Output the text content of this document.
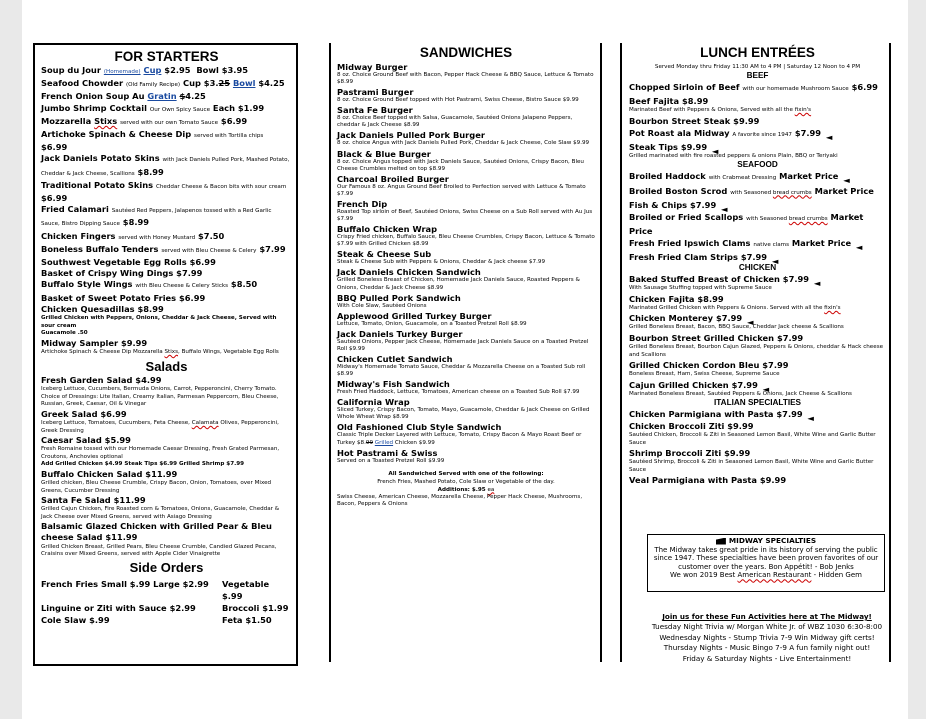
FOR STARTERS
Soup du Jour (Homemade) Cup $2.95  Bowl $3.95
Seafood Chowder (Old Family Recipe) Cup $3.25 Bowl $4.25
French Onion Soup Au Gratin $4.25
Jumbo Shrimp Cocktail Our Own Spicy Sauce Each $1.99
Mozzarella Stixs served with our own Tomato Sauce $6.99
Artichoke Spinach & Cheese Dip served with Tortilla chips $6.99
Jack Daniels Potato Skins with Jack Daniels Pulled Pork, Mashed Potato, Cheddar & Jack Cheese, Scallions $8.99
Traditional Potato Skins Cheddar Cheese & Bacon bits with sour cream $6.99
Fried Calamari Sautéed Red Peppers, Jalapenos tossed with a Red Garlic Sauce, Bistro Dipping Sauce $8.99
Chicken Fingers served with Honey Mustard $7.50
Boneless Buffalo Tenders served with Bleu Cheese & Celery $7.99
Southwest Vegetable Egg Rolls $6.99
Basket of Crispy Wing Dings $7.99
Buffalo Style Wings with Bleu Cheese & Celery Sticks $8.50
Basket of Sweet Potato Fries $6.99
Chicken Quesadillas $8.99
Grilled Chicken with Peppers, Onions, Cheddar & Jack Cheese, Served with sour cream
Guacamole .50
Midway Sampler $9.99
Artichoke Spinach & Cheese Dip Mozzarella Stixs, Buffalo Wings, Vegetable Egg Rolls
Salads
Fresh Garden Salad $4.99
Iceberg Lettuce, Cucumbers, Bermuda Onions, Carrot, Pepperoncini, Cherry Tomato. Choice of Dressings: Lite Italian, Creamy Italian, Parmesan Peppercorn, Bleu Cheese, Russian, Greek, Caesar, Oil & Vinegar
Greek Salad $6.99
Iceberg Lettuce, Tomatoes, Cucumbers, Feta Cheese, Calamata Olives, Pepperoncini, Greek Dressing
Caesar Salad $5.99
Fresh Romaine tossed with our Homemade Caesar Dressing, Fresh Grated Parmesan, Croutons, Anchovies optional
Add Grilled Chicken $4.99 Steak Tips $6.99 Grilled Shrimp $7.99
Buffalo Chicken Salad $11.99
Grilled chicken, Bleu Cheese Crumble, Crispy Bacon, Onion, Tomatoes, over Mixed Greens, Cucumber Dressing
Santa Fe Salad $11.99
Grilled Cajun Chicken, Fire Roasted corn & Tomatoes, Onions, Guacamole, Cheddar & Jack Cheese over Mixed Greens, served with Asiago Dressing
Balsamic Glazed Chicken with Grilled Pear & Bleu cheese Salad $11.99
Grilled Chicken Breast, Grilled Pears, Bleu Cheese Crumble, Candied Glazed Pecans, Craisins over Mixed Greens, served with Apple Cider Vinaigrette
Side Orders
French Fries Small $.99 Large $2.99	Vegetable $.99
Linguine or Ziti with Sauce $2.99	Broccoli $1.99
Cole Slaw $.99	Feta $1.50
SANDWICHES
Midway Burger
8 oz. Choice Ground Beef with Bacon, Pepper Hack Cheese & BBQ Sauce, Lettuce & Tomato $8.99
Pastrami Burger
8 oz. Choice Ground Beef topped with Hot Pastrami, Swiss Cheese, Bistro Sauce $9.99
Santa Fe Burger
8 oz. Choice Beef topped with Salsa, Guacamole, Sautéed Onions Jalapeno Peppers, cheddar & Jack Cheese $8.99
Jack Daniels Pulled Pork Burger
8 oz. choice Angus with Jack Daniels Pulled Pork, Cheddar & Jack Cheese, Cole Slaw $9.99
Black & Blue Burger
8 oz. Choice Angus topped with Jack Daniels Sauce, Sautéed Onions, Crispy Bacon, Bleu Cheese Crumbles melted on top $8.99
Charcoal Broiled Burger
Our Famous 8 oz. Angus Ground Beef Broiled to Perfection served with Lettuce & Tomato $7.99
French Dip
Roasted Top sirloin of Beef, Sautéed Onions, Swiss Cheese on a Sub Roll served with Au Jus $7.99
Buffalo Chicken Wrap
Crispy Fried chicken, Buffalo Sauce, Bleu Cheese Crumbles, Crispy Bacon, Lettuce & Tomato $7.99 with Grilled Chicken $8.99
Steak & Cheese Sub
Steak & Cheese Sub with Peppers & Onions, Cheddar & Jack cheese $7.99
Jack Daniels Chicken Sandwich
Grilled Boneless Breast of Chicken, Homemade Jack Daniels Sauce, Roasted Peppers & Onions, Cheddar & Jack Cheese $8.99
BBQ Pulled Pork Sandwich
With Cole Slaw, Sautéed Onions
Applewood Grilled Turkey Burger
Lettuce, Tomato, Onion, Guacamole, on a Toasted Pretzel Roll $8.99
Jack Daniels Turkey Burger
Sautéed Onions, Pepper Jack Cheese, Homemade Jack Daniels Sauce on a Toasted Pretzel Roll $9.99
Chicken Cutlet Sandwich
Midway's Homemade Tomato Sauce, Cheddar & Mozzarella Cheese on a Toasted Sub roll $8.99
Midway's Fish Sandwich
Fresh Fried Haddock, Lettuce, Tomatoes, American cheese on a Toasted Sub Roll $7.99
California Wrap
Sliced Turkey, Crispy Bacon, Tomato, Mayo, Guacamole, Cheddar & Jack Cheese on Grilled Whole Wheat Wrap $8.99
Old Fashioned Club Style Sandwich
Classic Triple Decker Layered with Lettuce, Tomato, Crispy Bacon & Mayo Roast Beef or Turkey $8.99 Grilled Chicken $9.99
Hot Pastrami & Swiss
Served on a Toasted Pretzel Roll $9.99
All Sandwiched Served with one of the following:
French Fries, Mashed Potato, Cole Slaw or Vegetable of the day.
Additions: $.95 ea
Swiss Cheese, American Cheese, Mozzarella Cheese, Pepper Hack Cheese, Mushrooms, Bacon, Peppers & Onions
LUNCH ENTRÉES
Served Monday thru Friday 11:30 AM to 4 PM | Saturday 12 Noon to 4 PM
BEEF
Chopped Sirloin of Beef with our homemade Mushroom Sauce $6.99
Beef Fajita $8.99
Marinated Beef with Peppers & Onions, Served with all the fixin's
Bourbon Street Steak $9.99
Pot Roast ala Midway A favorite since 1947 $7.99 ◄
Steak Tips $9.99 ◄
Grilled marinated with fire roasted peppers & onions Plain, BBQ or Teriyaki
SEAFOOD
Broiled Haddock with Crabmeat Dressing Market Price ◄
Broiled Boston Scrod with Seasoned bread crumbs Market Price
Fish & Chips $7.99 ◄
Broiled or Fried Scallops with Seasoned bread crumbs Market Price
Fresh Fried Ipswich Clams native clams Market Price ◄
Fresh Fried Clam Strips $7.99 ◄
CHICKEN
Baked Stuffed Breast of Chicken $7.99 ◄
With Sausage Stuffing topped with Supreme Sauce
Chicken Fajita $8.99
Marinated Grilled Chicken with Peppers & Onions. Served with all the fixin's
Chicken Monterey $7.99 ◄
Grilled Boneless Breast, Bacon, BBQ Sauce, Cheddar Jack cheese & Scallions
Bourbon Street Grilled Chicken $7.99
Grilled Boneless Breast, Bourbon Cajun Glazed, Peppers & Onions, cheddar & Hack cheese and Scallions
Grilled Chicken Cordon Bleu $7.99
Boneless Breast, Ham, Swiss Cheese, Supreme Sauce
Cajun Grilled Chicken $7.99 ◄
Marinated Boneless Breast, Sautéed Peppers & Onions, Jack Cheese & Scallions
ITALIAN SPECIALTIES
Chicken Parmigiana with Pasta $7.99 ◄
Chicken Broccoli Ziti $9.99
Sautéed Chicken, Broccoli & Ziti in Seasoned Lemon Basil, White Wine and Garlic Butter Sauce
Shrimp Broccoli Ziti $9.99
Sautéed Shrimp, Broccoli & Ziti in Seasoned Lemon Basil, White Wine and Garlic Butter Sauce
Veal Parmigiana with Pasta $9.99
MIDWAY SPECIALTIES
The Midway takes great pride in its history of serving the public since 1947. These specialties have been proven favorites of our customer over the years. Bon Appétit! - Bob Jenks
We won 2019 Best American Restaurant - Hidden Gem
Join us for these Fun Activities here at The Midway!
Tuesday Night Trivia w/ Morgan White Jr. of WBZ 1030 6:30-8:00
Wednesday Nights - Stump Trivia 7-9 Win Midway gift certs!
Thursday Nights - Music Bingo 7-9 A fun family night out!
Friday & Saturday Nights - Live Entertainment!
